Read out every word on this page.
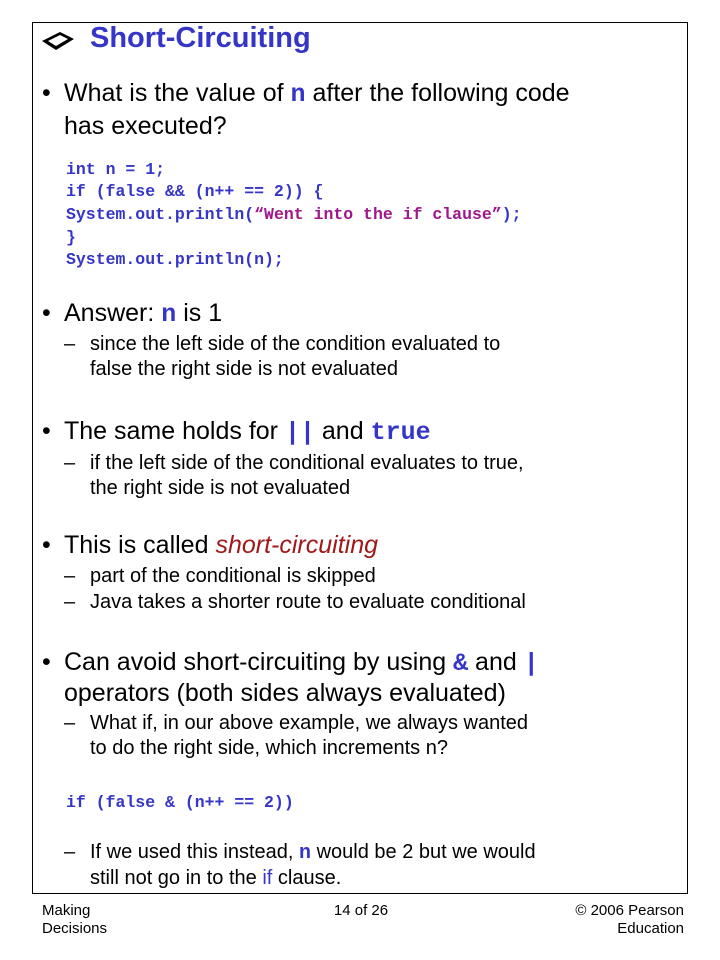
Short-Circuiting
• What is the value of n after the following code
has executed?
int n = 1;
if (false && (n++ == 2)) {
System.out.println(“Went into the if clause”);
}
System.out.println(n);
• Answer: n is 1
– since the left side of the condition evaluated to
false the right side is not evaluated
• The same holds for || and true
– if the left side of the conditional evaluates to true,
the right side is not evaluated
• This is called short-circuiting
– part of the conditional is skipped
– Java takes a shorter route to evaluate conditional
• Can avoid short-circuiting by using & and |
operators (both sides always evaluated)
– What if, in our above example, we always wanted
to do the right side, which increments n?
if (false & (n++ == 2))
– If we used this instead, n would be 2 but we would
still not go in to the if clause.
Making
Decisions
14 of 26	© 2006 Pearson
Education
